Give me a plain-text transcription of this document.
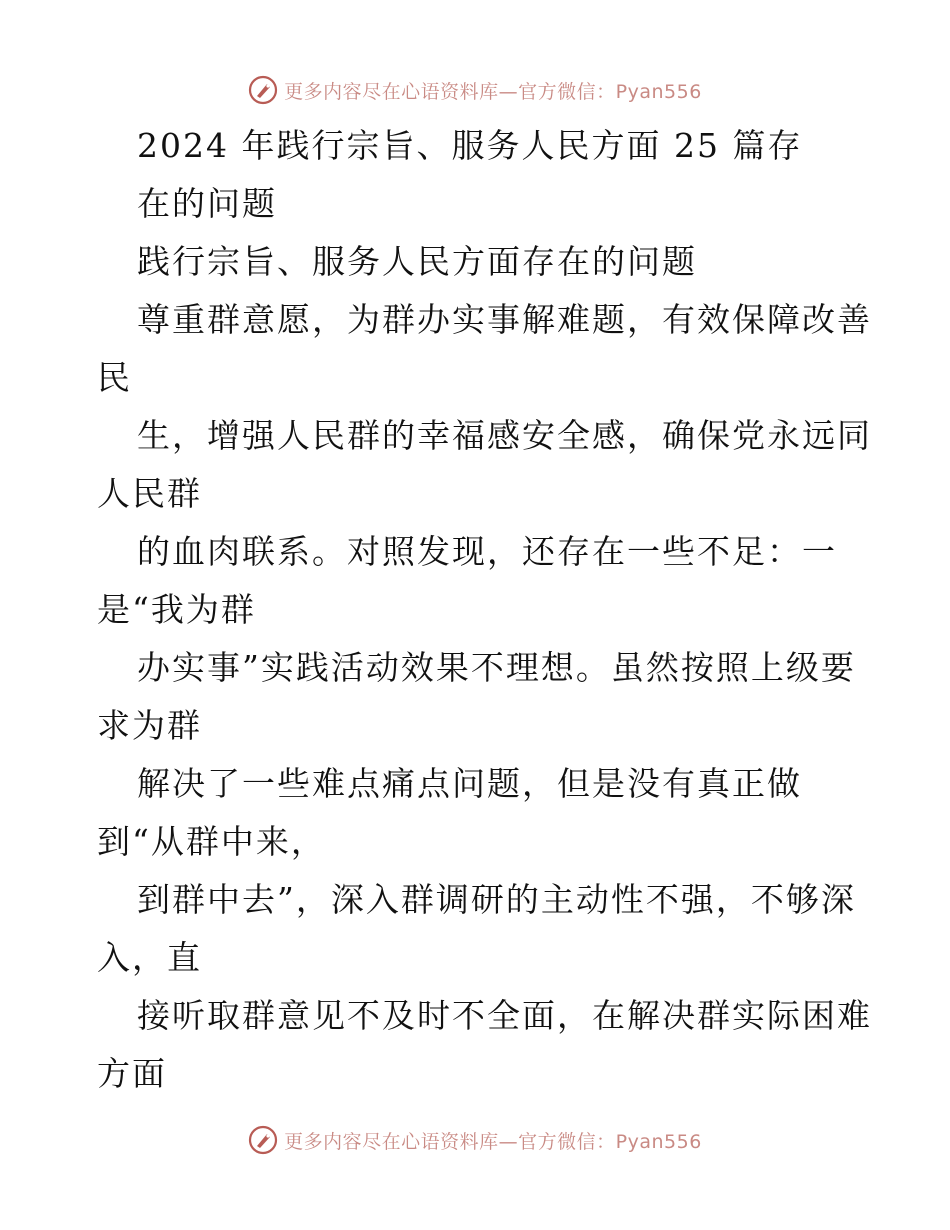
更多内容尽在心语资料库—官方微信：Pyan556
2024 年践行宗旨、服务人民方面 25 篇存
在的问题
践行宗旨、服务人民方面存在的问题
尊重群意愿，为群办实事解难题，有效保障改善
民
生，增强人民群的幸福感安全感，确保党永远同
人民群
的血肉联系。对照发现，还存在一些不足：一
是“我为群
办实事”实践活动效果不理想。虽然按照上级要
求为群
解决了一些难点痛点问题，但是没有真正做
到“从群中来，
到群中去”，深入群调研的主动性不强，不够深
入，直
接听取群意见不及时不全面，在解决群实际困难
方面
更多内容尽在心语资料库—官方微信：Pyan556
